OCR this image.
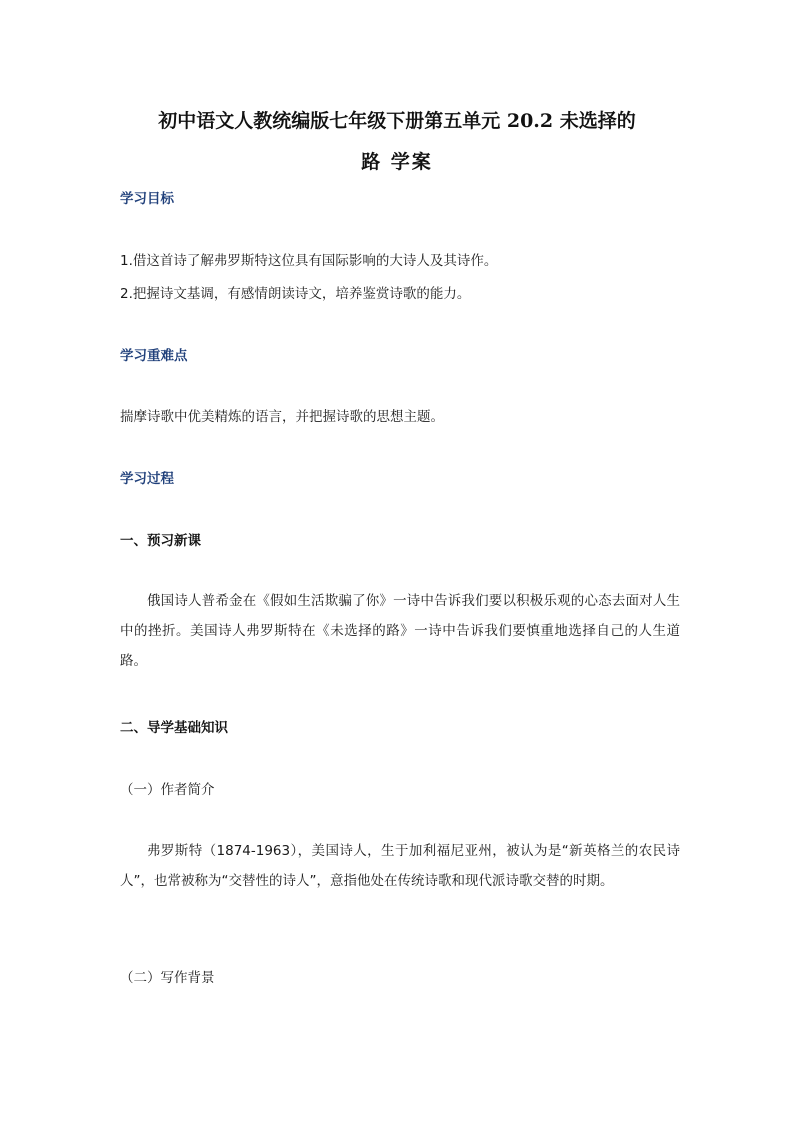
初中语文人教统编版七年级下册第五单元 20.2 未选择的
路 学案
学习目标
1.借这首诗了解弗罗斯特这位具有国际影响的大诗人及其诗作。
2.把握诗文基调，有感情朗读诗文，培养鉴赏诗歌的能力。
学习重难点
揣摩诗歌中优美精炼的语言，并把握诗歌的思想主题。
学习过程
一、预习新课
俄国诗人普希金在《假如生活欺骗了你》一诗中告诉我们要以积极乐观的心态去面对人生中的挫折。美国诗人弗罗斯特在《未选择的路》一诗中告诉我们要慎重地选择自己的人生道路。
二、导学基础知识
（一）作者简介
弗罗斯特（1874-1963），美国诗人，生于加利福尼亚州，被认为是“新英格兰的农民诗人”，也常被称为“交替性的诗人”，意指他处在传统诗歌和现代派诗歌交替的时期。
（二）写作背景
